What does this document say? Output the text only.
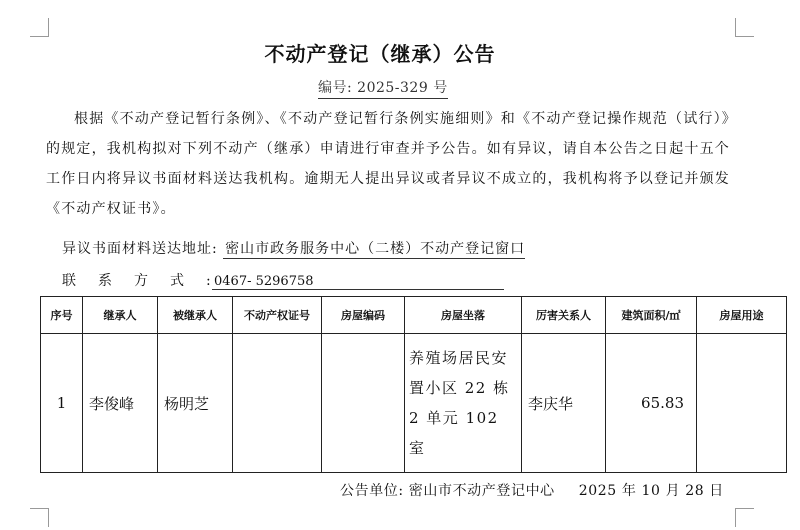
不动产登记（继承）公告
编号: 2025-329 号
根据《不动产登记暂行条例》、《不动产登记暂行条例实施细则》和《不动产登记操作规范（试行）》的规定，我机构拟对下列不动产（继承）申请进行审查并予公告。如有异议，请自本公告之日起十五个工作日内将异议书面材料送达我机构。逾期无人提出异议或者异议不成立的，我机构将予以登记并颁发《不动产权证书》。
异议书面材料送达地址: 密山市政务服务中心（二楼）不动产登记窗口
联系方式:0467- 5296758
序号	继承人	被继承人	不动产权证号	房屋编码	房屋坐落	厉害关系人	建筑面积/㎡	房屋用途
1	李俊峰	杨明芝			养殖场居民安置小区 22 栋 2 单元 102 室	李庆华	65.83	
公告单位: 密山市不动产登记中心 2025 年 10 月 28 日
